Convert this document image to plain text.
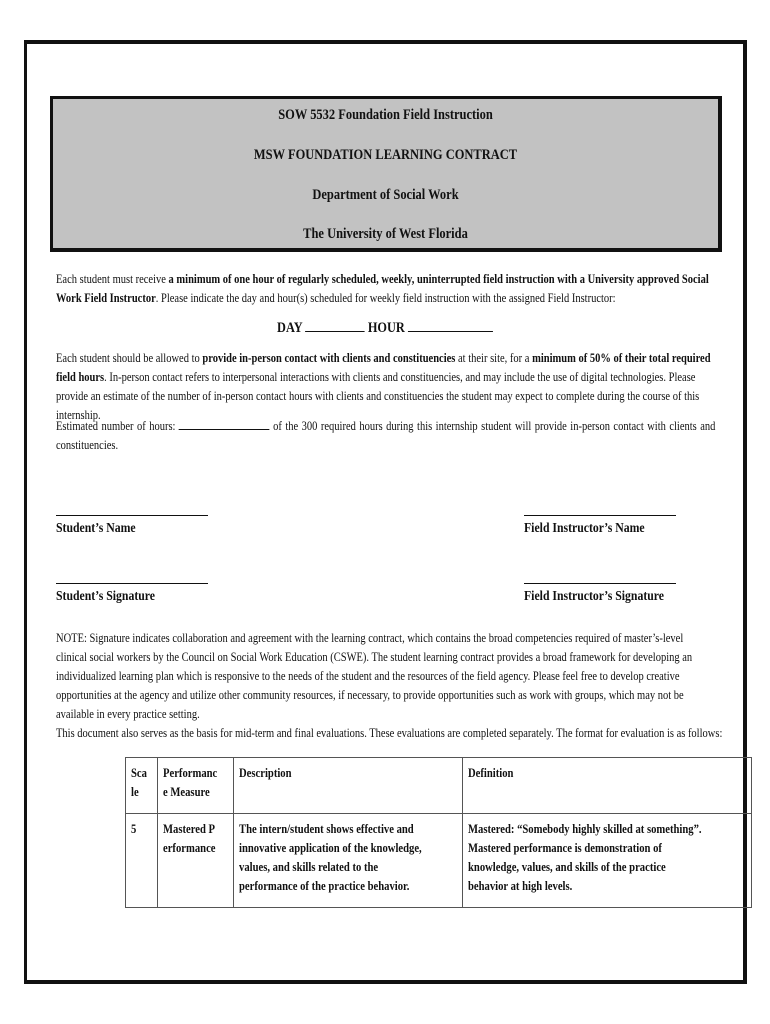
SOW 5532 Foundation Field Instruction
MSW FOUNDATION LEARNING CONTRACT
Department of Social Work
The University of West Florida
Each student must receive a minimum of one hour of regularly scheduled, weekly, uninterrupted field instruction with a University approved Social Work Field Instructor. Please indicate the day and hour(s) scheduled for weekly field instruction with the assigned Field Instructor:
DAY	HOUR
Each student should be allowed to provide in-person contact with clients and constituencies at their site, for a minimum of 50% of their total required field hours. In-person contact refers to interpersonal interactions with clients and constituencies, and may include the use of digital technologies. Please provide an estimate of the number of in-person contact hours with clients and constituencies the student may expect to complete during the course of this internship.
Estimated number of hours:	of the 300 required hours during this internship student will provide in-person contact with clients and constituencies.
Student’s Name	Field Instructor’s Name
Student’s Signature	Field Instructor’s Signature
NOTE: Signature indicates collaboration and agreement with the learning contract, which contains the broad competencies required of master’s-level clinical social workers by the Council on Social Work Education (CSWE). The student learning contract provides a broad framework for developing an individualized learning plan which is responsive to the needs of the student and the resources of the field agency. Please feel free to develop creative opportunities at the agency and utilize other community resources, if necessary, to provide opportunities such as work with groups, which may not be available in every practice setting.
This document also serves as the basis for mid-term and final evaluations. These evaluations are completed separately. The format for evaluation is as follows:
Scale	Performance Measure	Description	Definition

5	Mastered Performance	The intern/student shows effective and innovative application of the knowledge, values, and skills related to the performance of the practice behavior.	Mastered: “Somebody highly skilled at something”. Mastered performance is demonstration of knowledge, values, and skills of the practice behavior at high levels.
